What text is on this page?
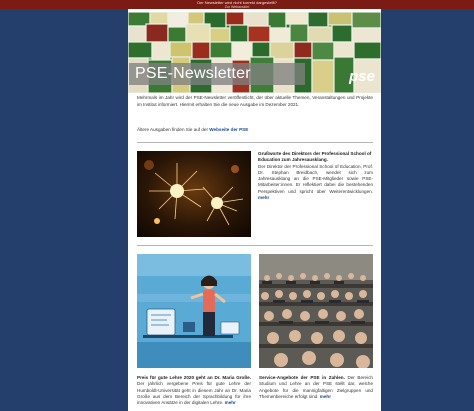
Der Newsletter wird nicht korrekt dargestellt?
Zur Webansicht
PSE-Newsletter	pse
Mehrmals im Jahr wird der PSE-Newsletter veröffentlicht, der über aktuelle Themen, Veranstaltungen und Projekte im Institut informiert. Hiermit erhalten Sie die neue Ausgabe im Dezember 2021.
Ältere Ausgaben finden Sie auf der Webseite der PSE
Grußworte des Direktors der Professional School of Education zum Jahresausklang.
Der Direktor der Professional School of Education, Prof. Dr. Stephan Breidbach, wendet sich zum Jahresausklang an die PSE-Mitglieder sowie PSE-Mitarbeiter:innen. Er reflektiert dabei die bestehenden Perspektiven und spricht über Weiterentwicklungen. mehr
Preis für gute Lehre 2020 geht an Dr. Maria Große. Der jährlich vergebene Preis für gute Lehre der Humboldt-Universität geht in diesem Jahr an Dr. Maria Große aus dem Bereich der Sprachbildung für ihre innovativen Ansätze in der digitalen Lehre. mehr
Service-Angebote der PSE in Zahlen. Der Bereich Studium und Lehre an der PSE stellt dar, welche Angebote für die mannigfaltigen Zielgruppen und Themenbereiche erfolgt sind. mehr
